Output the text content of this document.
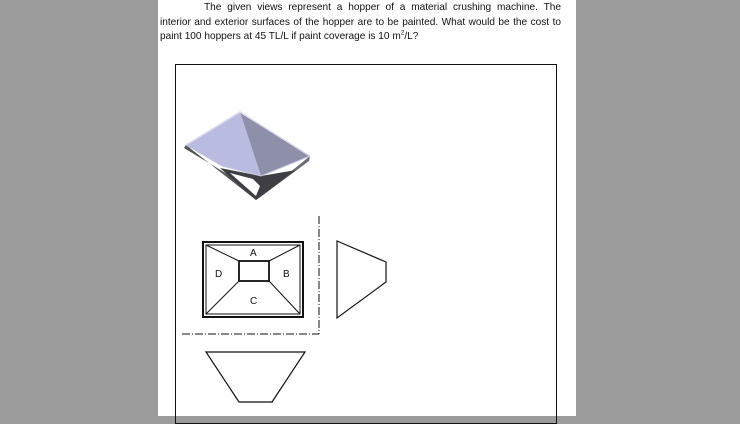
The given views represent a hopper of a material crushing machine. The interior and exterior surfaces of the hopper are to be painted. What would be the cost to paint 100 hoppers at 45 TL/L if paint coverage is 10 $m^2/L$?

A
B
C
D
